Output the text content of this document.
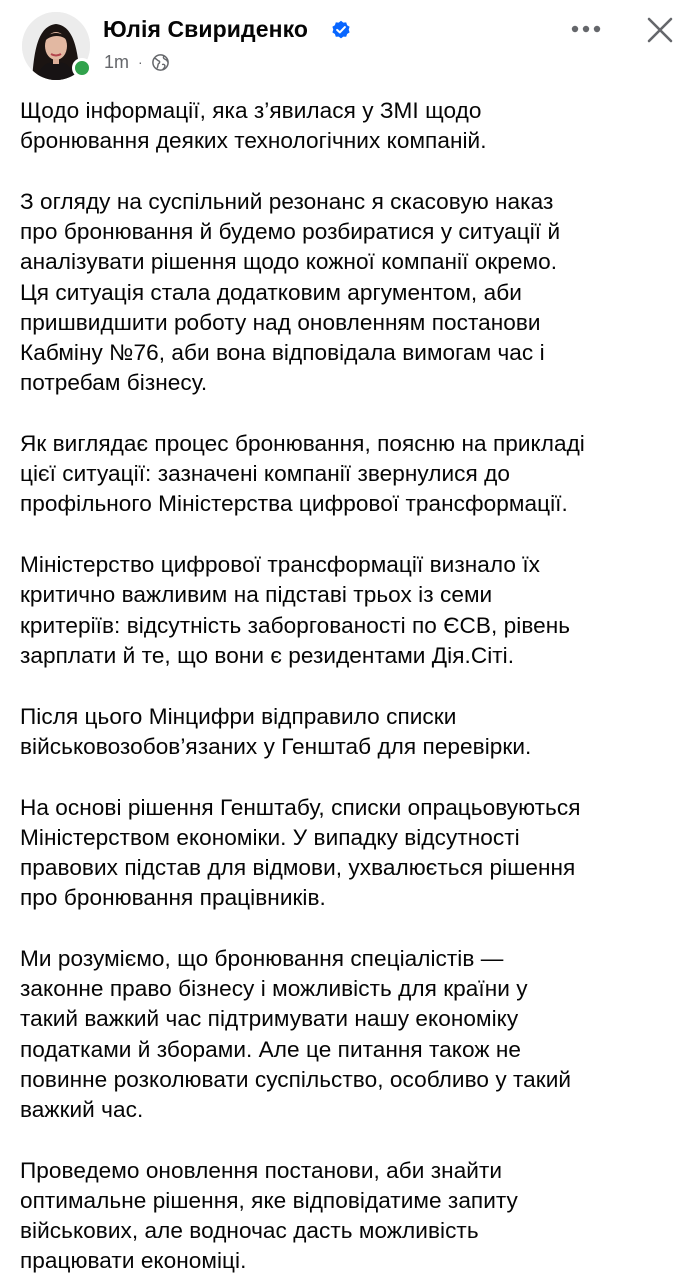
Юлія Свириденко
1m ·

Щодо інформації, яка з’явилася у ЗМІ щодо
бронювання деяких технологічних компаній.

З огляду на суспільний резонанс я скасовую наказ
про бронювання й будемо розбиратися у ситуації й
аналізувати рішення щодо кожної компанії окремо.
Ця ситуація стала додатковим аргументом, аби
пришвидшити роботу над оновленням постанови
Кабміну №76, аби вона відповідала вимогам час і
потребам бізнесу.

Як виглядає процес бронювання, поясню на прикладі
цієї ситуації: зазначені компанії звернулися до
профільного Міністерства цифрової трансформації.

Міністерство цифрової трансформації визнало їх
критично важливим на підставі трьох із семи
критеріїв: відсутність заборгованості по ЄСВ, рівень
зарплати й те, що вони є резидентами Дія.Сіті.

Після цього Мінцифри відправило списки
військовозобов’язаних у Генштаб для перевірки.

На основі рішення Генштабу, списки опрацьовуються
Міністерством економіки. У випадку відсутності
правових підстав для відмови, ухвалюється рішення
про бронювання працівників.

Ми розуміємо, що бронювання спеціалістів —
законне право бізнесу і можливість для країни у
такий важкий час підтримувати нашу економіку
податками й зборами. Але це питання також не
повинне розколювати суспільство, особливо у такий
важкий час.

Проведемо оновлення постанови, аби знайти
оптимальне рішення, яке відповідатиме запиту
військових, але водночас дасть можливість
працювати економіці.
